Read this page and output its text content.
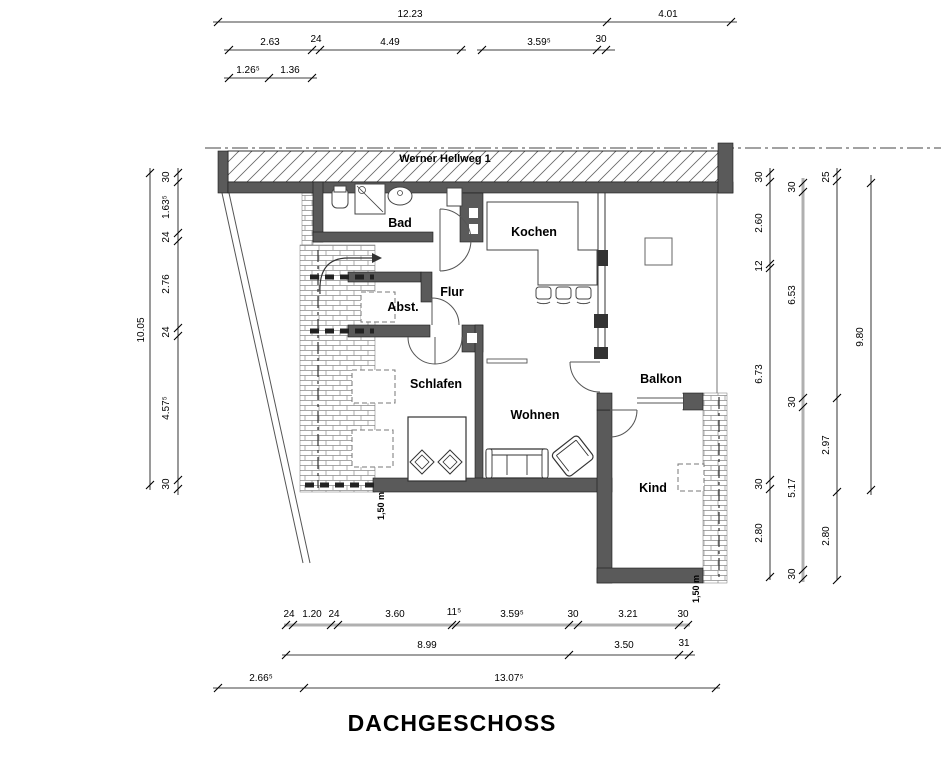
12.23	4.01
2.63	24	4.49	3.59⁵	30
1.26⁵ 1.36
10.05
30
1.63⁵
24
2.76
24
4.57⁵
30
30
2.60
12
6.73
30
2.80
30
6.53
30
5.17
30
25
2.97
2.80
9.80
24 1.20 24	3.60	11⁵	3.59⁵	30	3.21	30
8.99	3.50	31
2.66⁵	13.07⁵
Werner Hellweg 1
Bad
Kochen
Flur
Abst.
Schlafen
Wohnen
Balkon
Kind
1,50 m
1,50 m
DACHGESCHOSS
